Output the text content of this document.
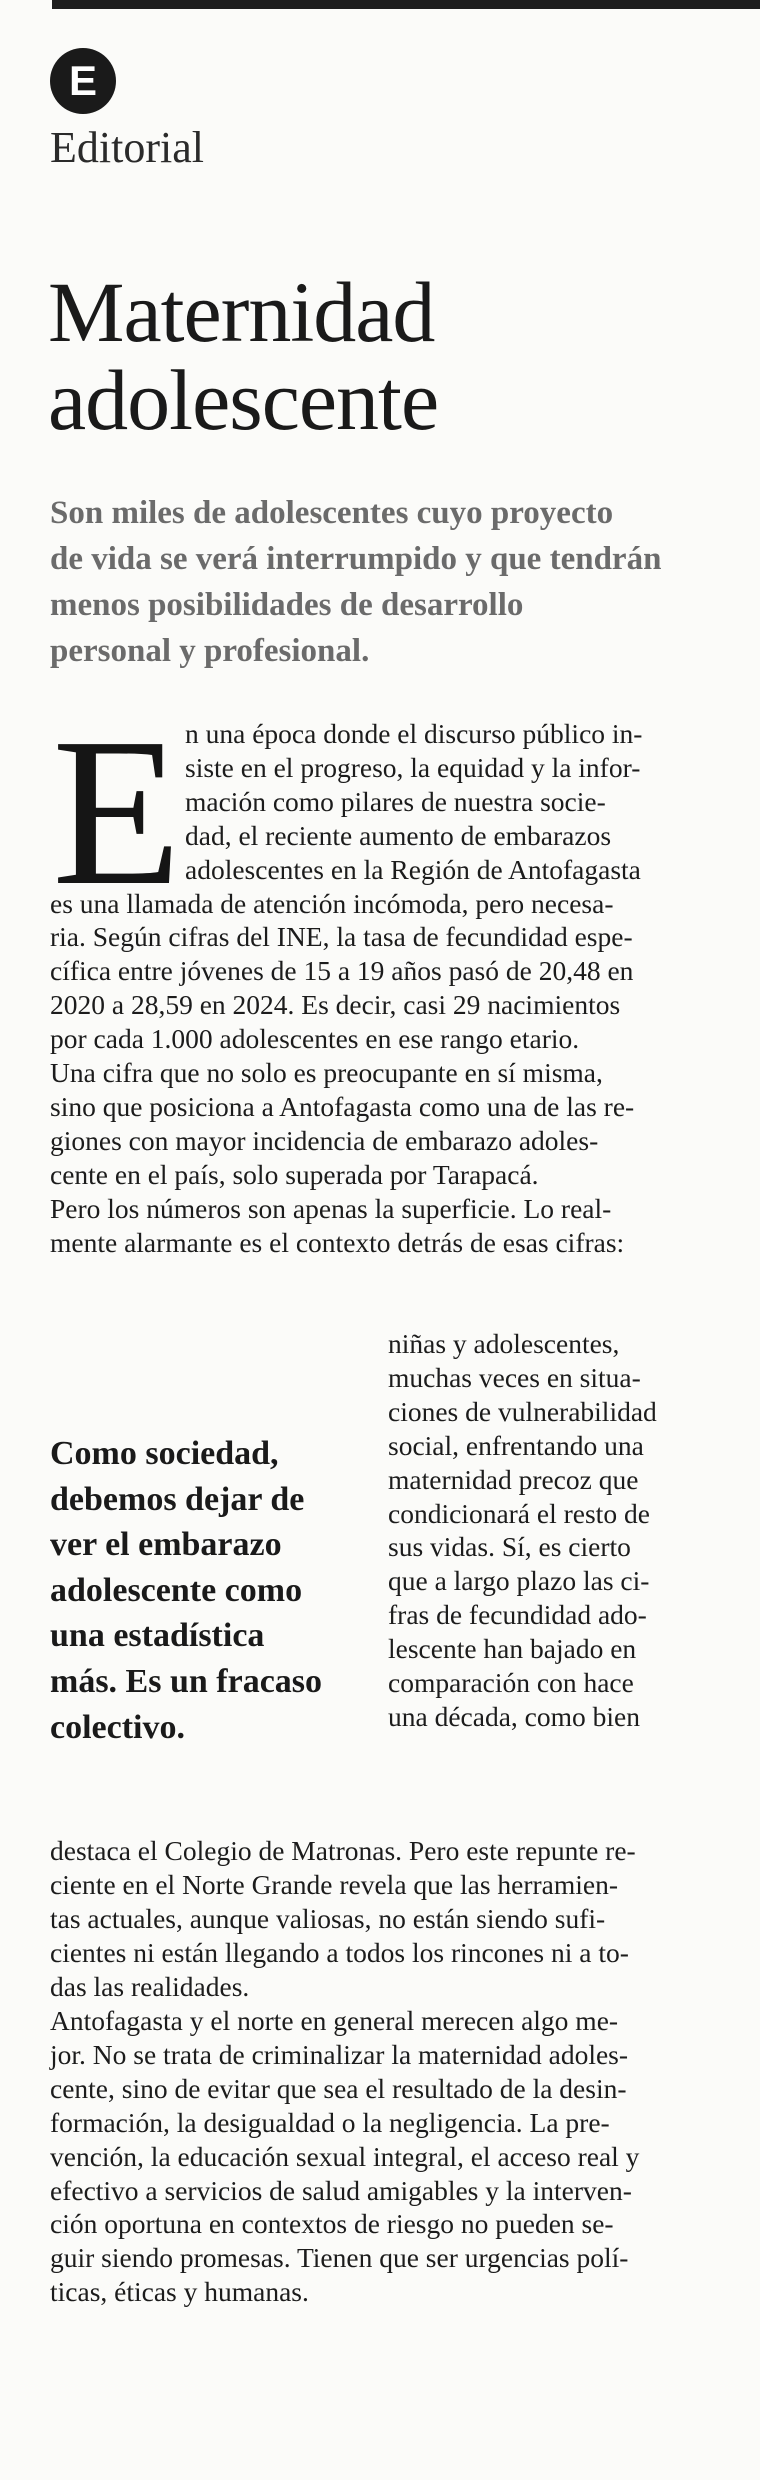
E
Editorial
Maternidad
adolescente

Son miles de adolescentes cuyo proyecto
de vida se verá interrumpido y que tendrán
menos posibilidades de desarrollo
personal y profesional.

E n una época donde el discurso público in-
siste en el progreso, la equidad y la infor-
mación como pilares de nuestra socie-
dad, el reciente aumento de embarazos
adolescentes en la Región de Antofagasta
es una llamada de atención incómoda, pero necesa-
ria. Según cifras del INE, la tasa de fecundidad espe-
cífica entre jóvenes de 15 a 19 años pasó de 20,48 en
2020 a 28,59 en 2024. Es decir, casi 29 nacimientos
por cada 1.000 adolescentes en ese rango etario.
Una cifra que no solo es preocupante en sí misma,
sino que posiciona a Antofagasta como una de las re-
giones con mayor incidencia de embarazo adoles-
cente en el país, solo superada por Tarapacá.
Pero los números son apenas la superficie. Lo real-
mente alarmante es el contexto detrás de esas cifras:
Como sociedad,
debemos dejar de
ver el embarazo
adolescente como
una estadística
más. Es un fracaso
colectivo.
niñas y adolescentes,
muchas veces en situa-
ciones de vulnerabilidad
social, enfrentando una
maternidad precoz que
condicionará el resto de
sus vidas. Sí, es cierto
que a largo plazo las ci-
fras de fecundidad ado-
lescente han bajado en
comparación con hace
una década, como bien
destaca el Colegio de Matronas. Pero este repunte re-
ciente en el Norte Grande revela que las herramien-
tas actuales, aunque valiosas, no están siendo sufi-
cientes ni están llegando a todos los rincones ni a to-
das las realidades.
Antofagasta y el norte en general merecen algo me-
jor. No se trata de criminalizar la maternidad adoles-
cente, sino de evitar que sea el resultado de la desin-
formación, la desigualdad o la negligencia. La pre-
vención, la educación sexual integral, el acceso real y
efectivo a servicios de salud amigables y la interven-
ción oportuna en contextos de riesgo no pueden se-
guir siendo promesas. Tienen que ser urgencias polí-
ticas, éticas y humanas.
